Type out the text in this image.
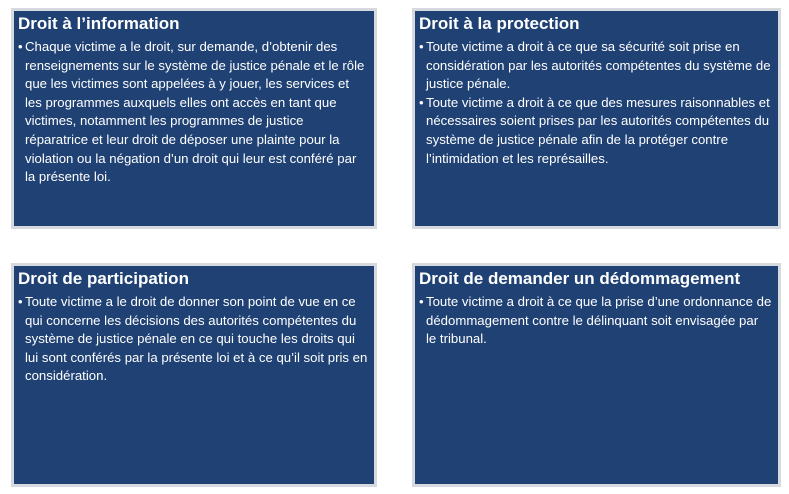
Droit à l’information

• Chaque victime a le droit, sur demande, d’obtenir des renseignements sur le système de justice pénale et le rôle que les victimes sont appelées à y jouer, les services et les programmes auxquels elles ont accès en tant que victimes, notamment les programmes de justice réparatrice et leur droit de déposer une plainte pour la violation ou la négation d’un droit qui leur est conféré par la présente loi.

Droit à la protection

• Toute victime a droit à ce que sa sécurité soit prise en considération par les autorités compétentes du système de justice pénale.

• Toute victime a droit à ce que des mesures raisonnables et nécessaires soient prises par les autorités compétentes du système de justice pénale afin de la protéger contre l’intimidation et les représailles.

Droit de participation

• Toute victime a le droit de donner son point de vue en ce qui concerne les décisions des autorités compétentes du système de justice pénale en ce qui touche les droits qui lui sont conférés par la présente loi et à ce qu’il soit pris en considération.

Droit de demander un dédommagement

• Toute victime a droit à ce que la prise d’une ordonnance de dédommagement contre le délinquant soit envisagée par le tribunal.
